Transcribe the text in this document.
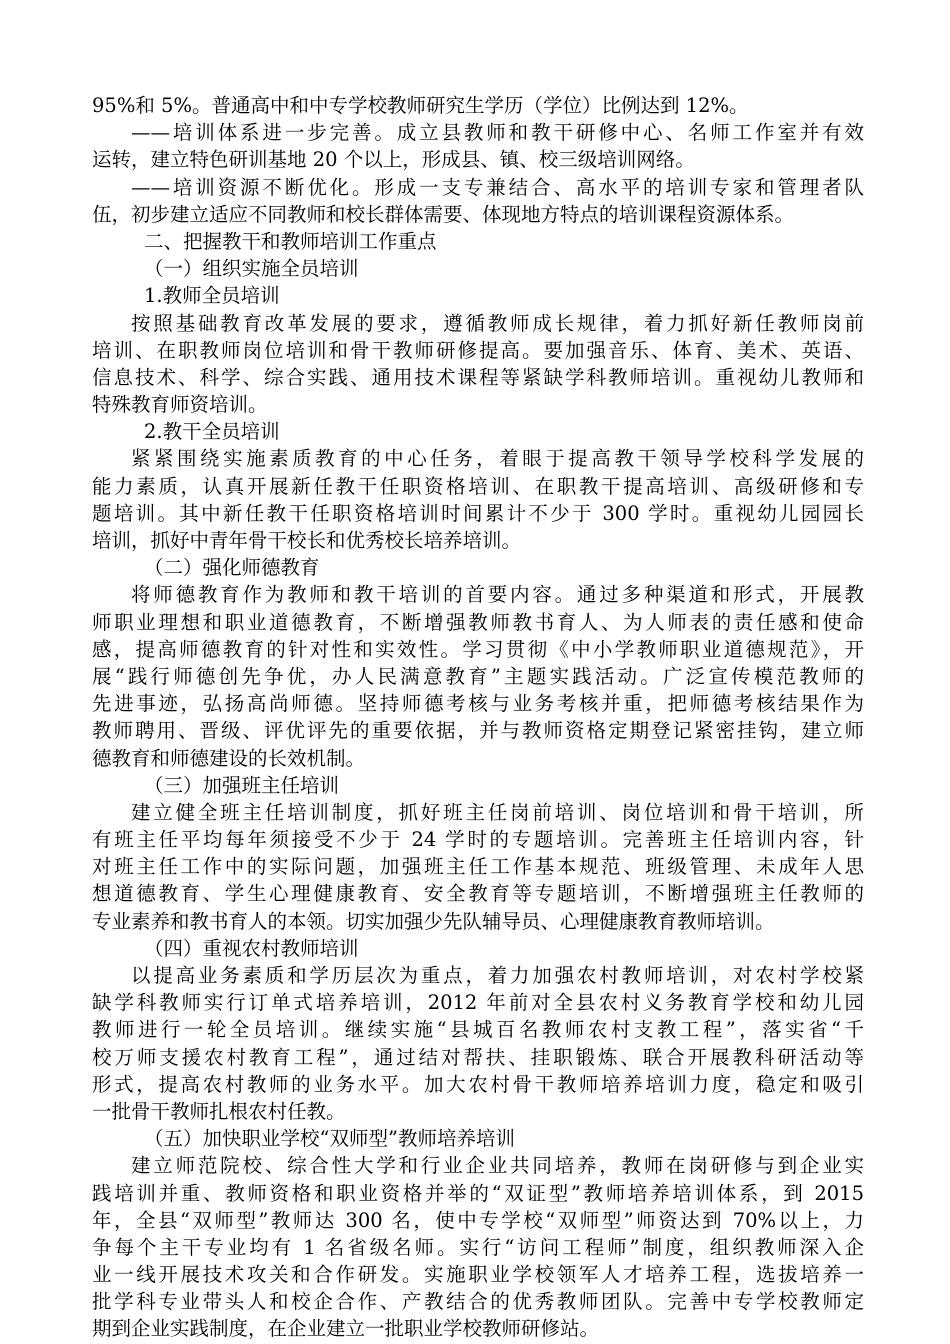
95%和 5%。普通高中和中专学校教师研究生学历（学位）比例达到 12%。
——培训体系进一步完善。成立县教师和教干研修中心、名师工作室并有效
运转，建立特色研训基地 20 个以上，形成县、镇、校三级培训网络。
——培训资源不断优化。形成一支专兼结合、高水平的培训专家和管理者队
伍，初步建立适应不同教师和校长群体需要、体现地方特点的培训课程资源体系。
二、把握教干和教师培训工作重点
（一）组织实施全员培训
1.教师全员培训
按照基础教育改革发展的要求，遵循教师成长规律，着力抓好新任教师岗前
培训、在职教师岗位培训和骨干教师研修提高。要加强音乐、体育、美术、英语、
信息技术、科学、综合实践、通用技术课程等紧缺学科教师培训。重视幼儿教师和
特殊教育师资培训。
2.教干全员培训
紧紧围绕实施素质教育的中心任务，着眼于提高教干领导学校科学发展的
能力素质，认真开展新任教干任职资格培训、在职教干提高培训、高级研修和专
题培训。其中新任教干任职资格培训时间累计不少于 300 学时。重视幼儿园园长
培训，抓好中青年骨干校长和优秀校长培养培训。
（二）强化师德教育
将师德教育作为教师和教干培训的首要内容。通过多种渠道和形式，开展教
师职业理想和职业道德教育，不断增强教师教书育人、为人师表的责任感和使命
感，提高师德教育的针对性和实效性。学习贯彻《中小学教师职业道德规范》，开
展“践行师德创先争优，办人民满意教育”主题实践活动。广泛宣传模范教师的
先进事迹，弘扬高尚师德。坚持师德考核与业务考核并重，把师德考核结果作为
教师聘用、晋级、评优评先的重要依据，并与教师资格定期登记紧密挂钩，建立师
德教育和师德建设的长效机制。
（三）加强班主任培训
建立健全班主任培训制度，抓好班主任岗前培训、岗位培训和骨干培训，所
有班主任平均每年须接受不少于 24 学时的专题培训。完善班主任培训内容，针
对班主任工作中的实际问题，加强班主任工作基本规范、班级管理、未成年人思
想道德教育、学生心理健康教育、安全教育等专题培训，不断增强班主任教师的
专业素养和教书育人的本领。切实加强少先队辅导员、心理健康教育教师培训。
（四）重视农村教师培训
以提高业务素质和学历层次为重点，着力加强农村教师培训，对农村学校紧
缺学科教师实行订单式培养培训，2012 年前对全县农村义务教育学校和幼儿园
教师进行一轮全员培训。继续实施“县城百名教师农村支教工程”，落实省“千
校万师支援农村教育工程”，通过结对帮扶、挂职锻炼、联合开展教科研活动等
形式，提高农村教师的业务水平。加大农村骨干教师培养培训力度，稳定和吸引
一批骨干教师扎根农村任教。
（五）加快职业学校“双师型”教师培养培训
建立师范院校、综合性大学和行业企业共同培养，教师在岗研修与到企业实
践培训并重、教师资格和职业资格并举的“双证型”教师培养培训体系，到 2015
年，全县“双师型”教师达 300 名，使中专学校“双师型”师资达到 70%以上，力
争每个主干专业均有 1 名省级名师。实行“访问工程师”制度，组织教师深入企
业一线开展技术攻关和合作研发。实施职业学校领军人才培养工程，选拔培养一
批学科专业带头人和校企合作、产教结合的优秀教师团队。完善中专学校教师定
期到企业实践制度，在企业建立一批职业学校教师研修站。
